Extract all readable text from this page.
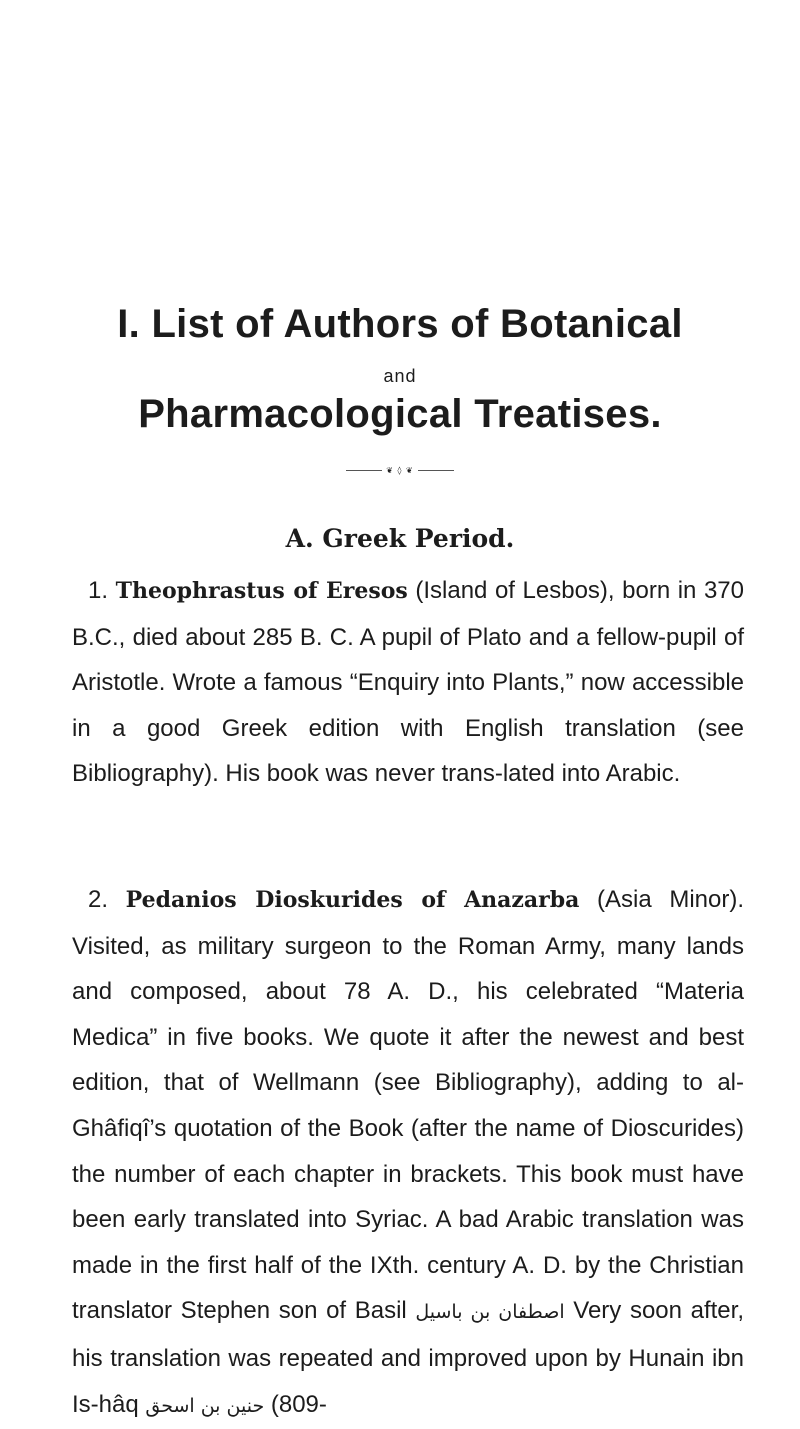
I. List of Authors of Botanical
and
Pharmacological Treatises.
❦ ◊ ❦
A. Greek Period.

1. Theophrastus of Eresos (Island of Lesbos), born in 370 B.C., died about 285 B. C. A pupil of Plato and a fellow-pupil of Aristotle. Wrote a famous “Enquiry into Plants,” now accessible in a good Greek edition with English translation (see Bibliography). His book was never trans-lated into Arabic.

2. Pedanios Dioskurides of Anazarba (Asia Minor). Visited, as military surgeon to the Roman Army, many lands and composed, about 78 A. D., his celebrated “Materia Medica” in five books. We quote it after the newest and best edition, that of Wellmann (see Bibliography), adding to al-Ghâfiqî’s quotation of the Book (after the name of Dioscurides) the number of each chapter in brackets. This book must have been early translated into Syriac. A bad Arabic translation was made in the first half of the IXth. century A. D. by the Christian translator Stephen son of Basil اصطفان بن باسيل Very soon after, his translation was repeated and improved upon by Hunain ibn Is-hâq حنين بن اسحق (809-
